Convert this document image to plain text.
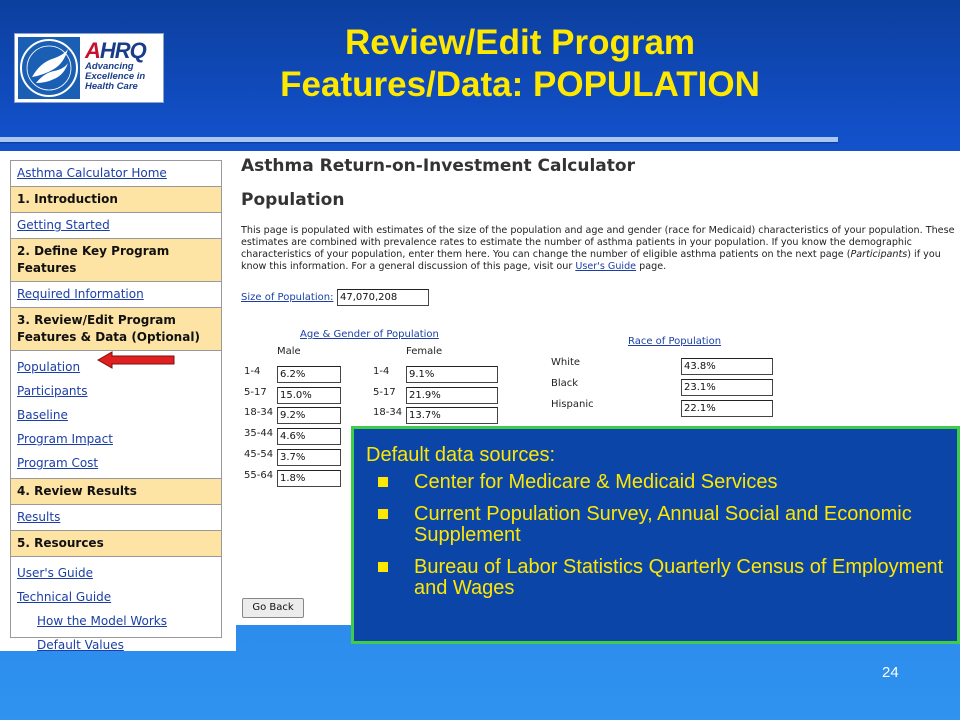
AHRQ
Advancing
Excellence in
Health Care
Review/Edit Program
Features/Data: POPULATION
Asthma Calculator Home
1. Introduction
Getting Started
2. Define Key Program Features
Required Information
3. Review/Edit Program Features & Data (Optional)
Population
Participants
Baseline
Program Impact
Program Cost
4. Review Results
Results
5. Resources
User's Guide
Technical Guide
How the Model Works
Default Values
Asthma Return-on-Investment Calculator
Population
This page is populated with estimates of the size of the population and age and gender (race for Medicaid) characteristics of your population. These estimates are combined with prevalence rates to estimate the number of asthma patients in your population. If you know the demographic characteristics of your population, enter them here. You can change the number of eligible asthma patients on the next page (Participants) if you know this information. For a general discussion of this page, visit our User's Guide page.
Size of Population: 47,070,208
Age & Gender of Population
Male	Female
1-4
5-17
18-34
35-44
45-54
55-64
6.2%
15.0%
9.2%
4.6%
3.7%
1.8%
1-4
5-17
18-34
9.1%
21.9%
13.7%
Race of Population
White
Black
Hispanic
43.8%
23.1%
22.1%
Go Back
Default data sources:
Center for Medicare & Medicaid Services
Current Population Survey, Annual Social and Economic Supplement
Bureau of Labor Statistics Quarterly Census of Employment and Wages
24
